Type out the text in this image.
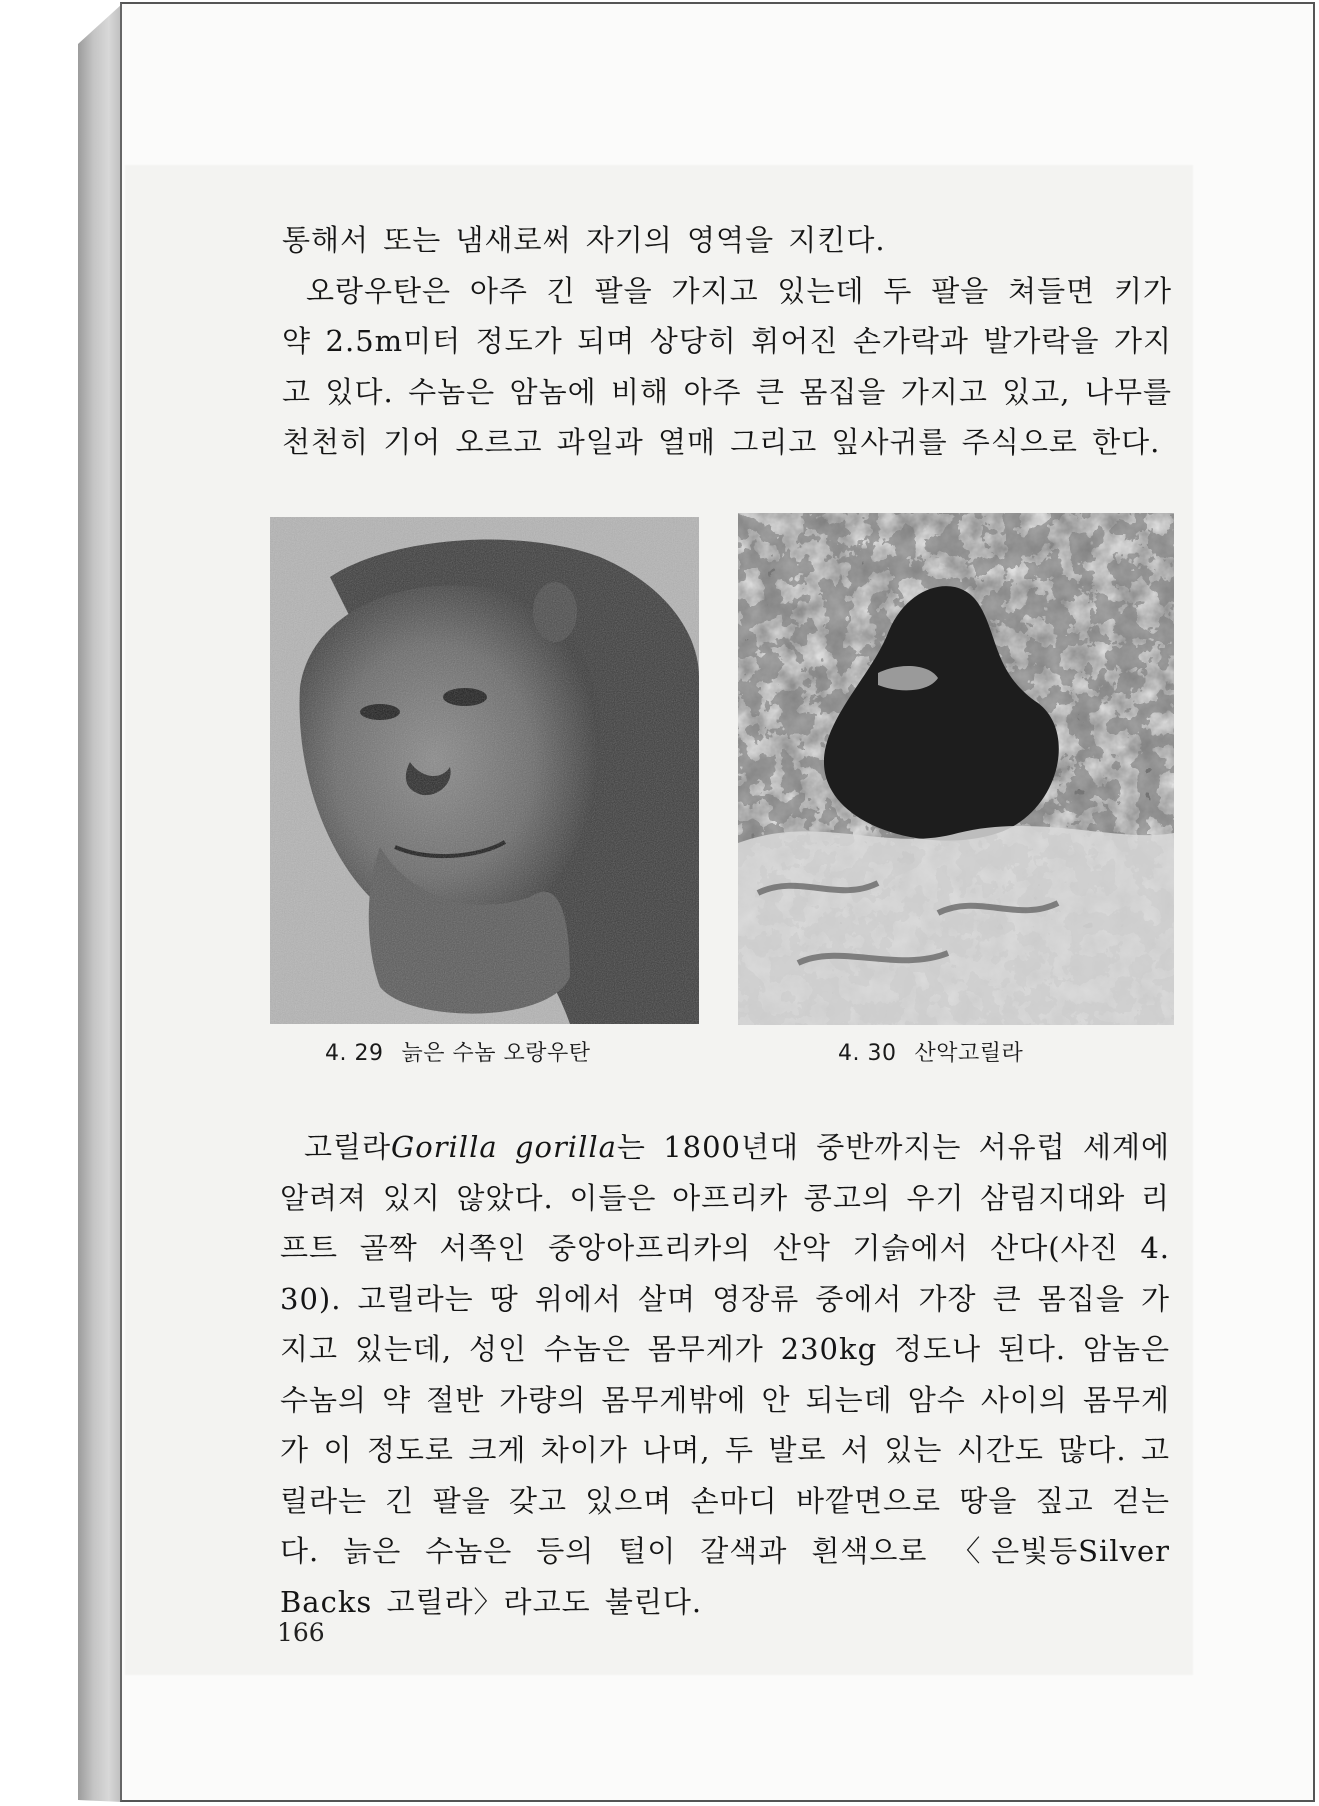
통해서 또는 냄새로써 자기의 영역을 지킨다.

오랑우탄은 아주 긴 팔을 가지고 있는데 두 팔을 쳐들면 키가 약 2.5m미터 정도가 되며 상당히 휘어진 손가락과 발가락을 가지고 있다. 수놈은 암놈에 비해 아주 큰 몸집을 가지고 있고, 나무를 천천히 기어 오르고 과일과 열매 그리고 잎사귀를 주식으로 한다.

4. 29 늙은 수놈 오랑우탄	4. 30 산악고릴라

고릴라Gorilla gorilla는 1800년대 중반까지는 서유럽 세계에 알려져 있지 않았다. 이들은 아프리카 콩고의 우기 삼림지대와 리프트 골짝 서쪽인 중앙아프리카의 산악 기슭에서 산다(사진 4. 30). 고릴라는 땅 위에서 살며 영장류 중에서 가장 큰 몸집을 가지고 있는데, 성인 수놈은 몸무게가 230kg 정도나 된다. 암놈은 수놈의 약 절반 가량의 몸무게밖에 안 되는데 암수 사이의 몸무게가 이 정도로 크게 차이가 나며, 두 발로 서 있는 시간도 많다. 고릴라는 긴 팔을 갖고 있으며 손마디 바깥면으로 땅을 짚고 걷는다. 늙은 수놈은 등의 털이 갈색과 흰색으로 〈은빛등Silver Backs 고릴라〉라고도 불린다.

166
